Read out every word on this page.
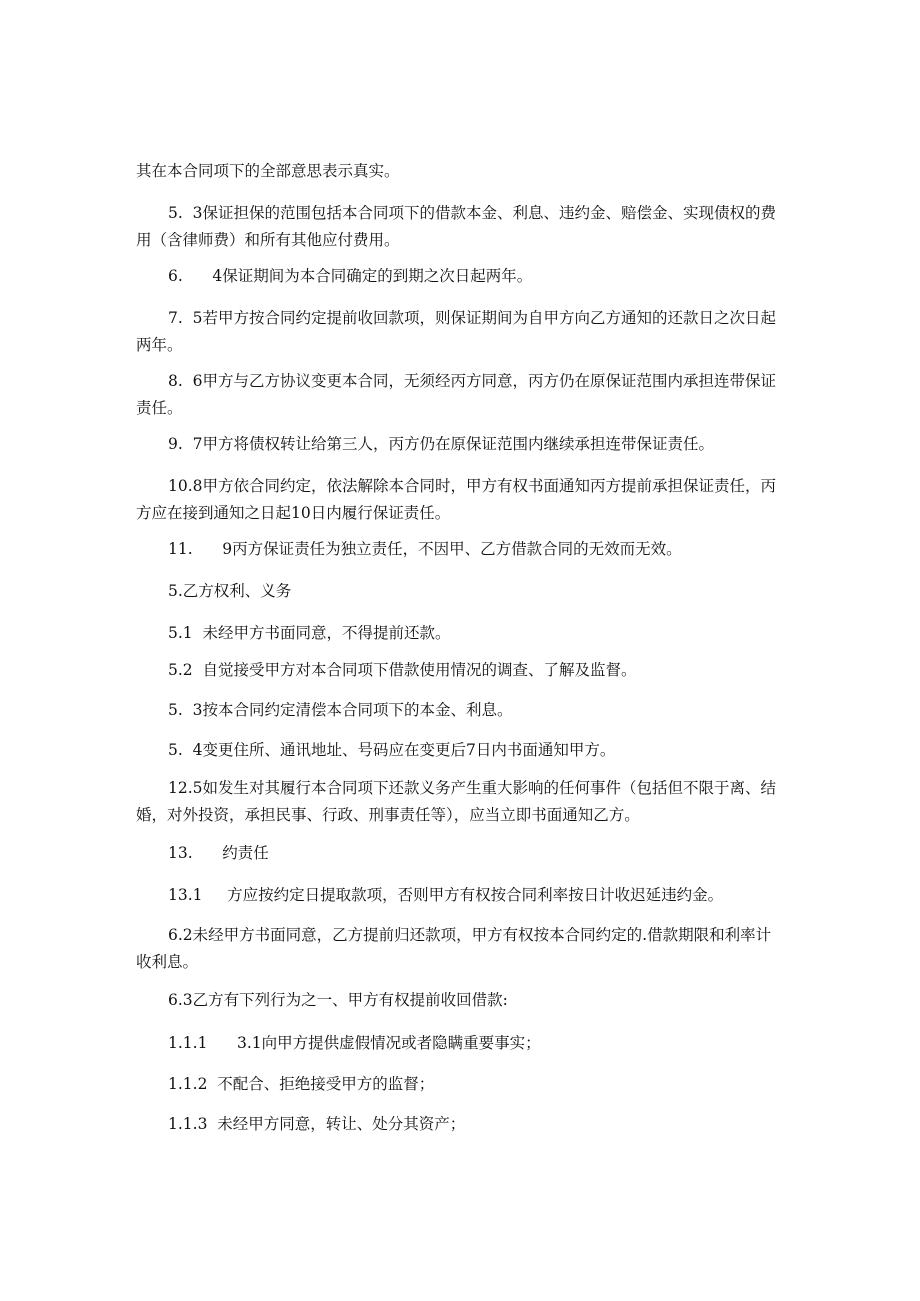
其在本合同项下的全部意思表示真实。

5.  3保证担保的范围包括本合同项下的借款本金、利息、违约金、赔偿金、实现债权的费用（含律师费）和所有其他应付费用。

6.      4保证期间为本合同确定的到期之次日起两年。

7.  5若甲方按合同约定提前收回款项，则保证期间为自甲方向乙方通知的还款日之次日起两年。

8.  6甲方与乙方协议变更本合同，无须经丙方同意，丙方仍在原保证范围内承担连带保证责任。

9.  7甲方将债权转让给第三人，丙方仍在原保证范围内继续承担连带保证责任。

10.8甲方依合同约定，依法解除本合同时，甲方有权书面通知丙方提前承担保证责任，丙方应在接到通知之日起10日内履行保证责任。

11.      9丙方保证责任为独立责任，不因甲、乙方借款合同的无效而无效。

5.乙方权利、义务

5.1  未经甲方书面同意，不得提前还款。

5.2  自觉接受甲方对本合同项下借款使用情况的调查、了解及监督。

5.  3按本合同约定清偿本合同项下的本金、利息。

5.  4变更住所、通讯地址、号码应在变更后7日内书面通知甲方。

12.5如发生对其履行本合同项下还款义务产生重大影响的任何事件（包括但不限于离、结婚，对外投资，承担民事、行政、刑事责任等），应当立即书面通知乙方。

13.      约责任

13.1     方应按约定日提取款项，否则甲方有权按合同利率按日计收迟延违约金。

6.2未经甲方书面同意，乙方提前归还款项，甲方有权按本合同约定的.借款期限和利率计收利息。

6.3乙方有下列行为之一、甲方有权提前收回借款:

1.1.1      3.1向甲方提供虚假情况或者隐瞒重要事实；

1.1.2  不配合、拒绝接受甲方的监督；

1.1.3  未经甲方同意，转让、处分其资产；
